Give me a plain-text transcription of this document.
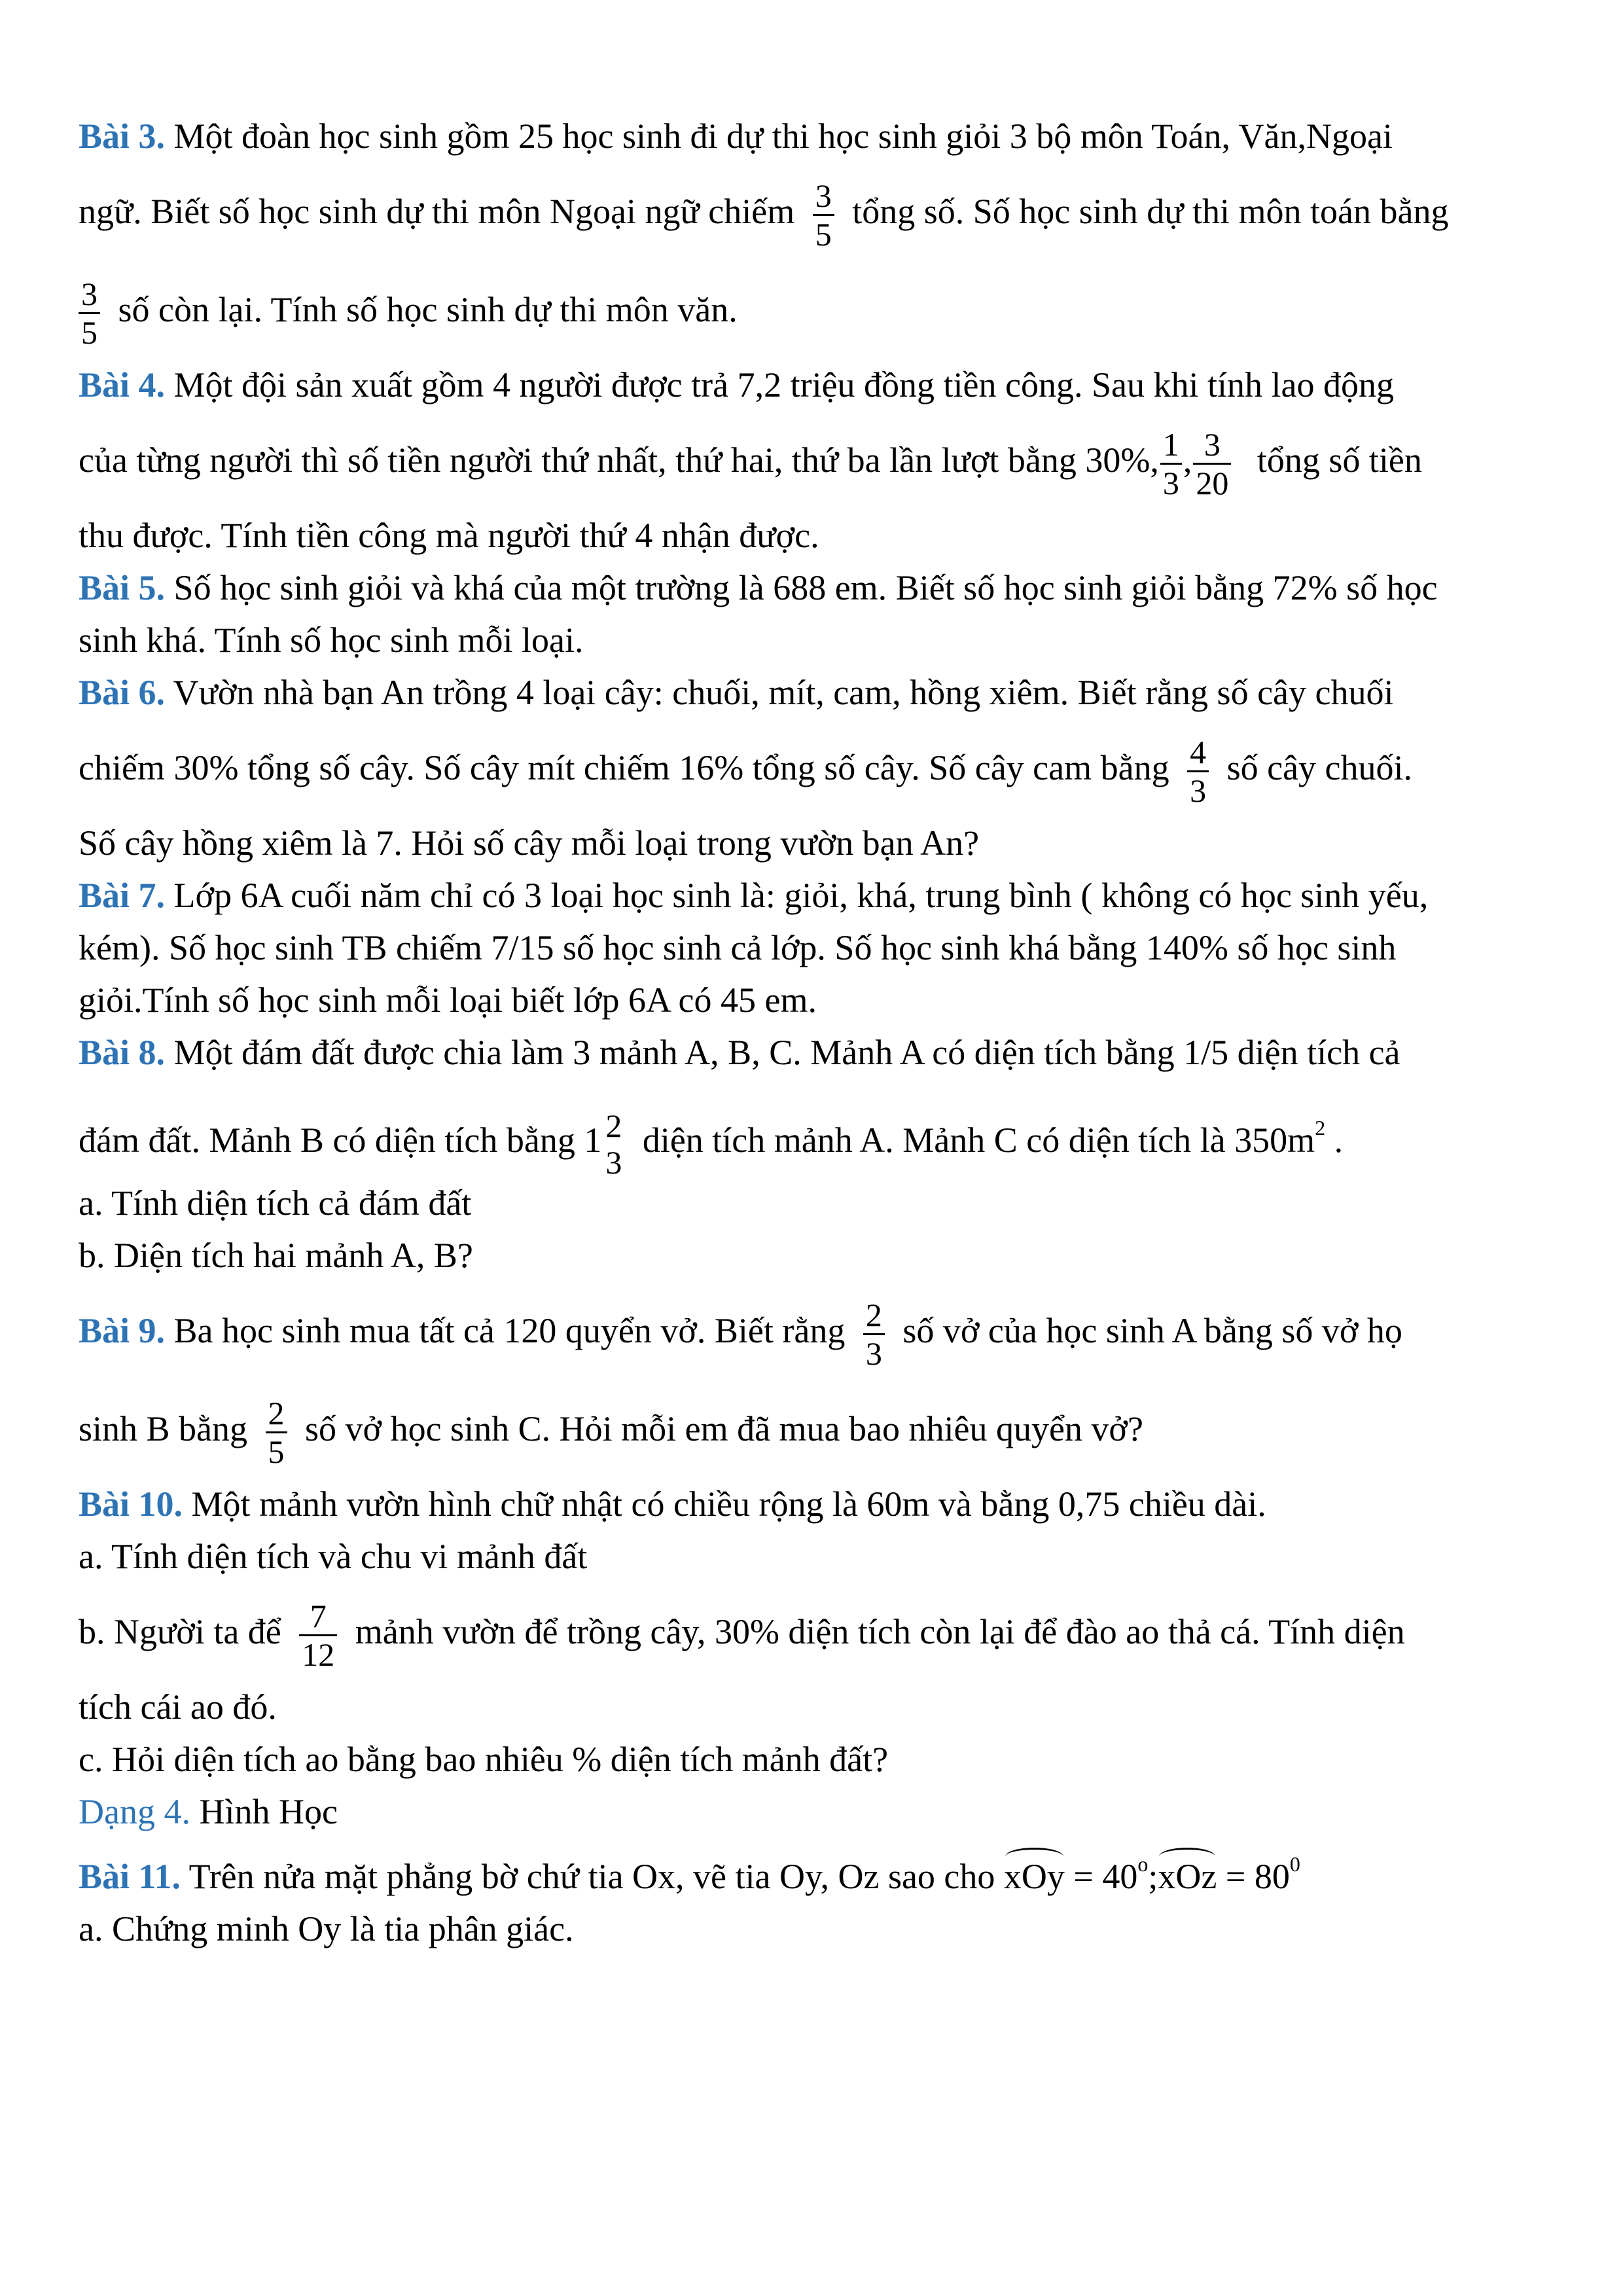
Bài 3. Một đoàn học sinh gồm 25 học sinh đi dự thi học sinh giỏi 3 bộ môn Toán, Văn,Ngoại
ngữ. Biết số học sinh dự thi môn Ngoại ngữ chiếm $\frac{3}{5}$ tổng số. Số học sinh dự thi môn toán bằng
$\frac{3}{5}$ số còn lại. Tính số học sinh dự thi môn văn.
Bài 4. Một đội sản xuất gồm 4 người được trả 7,2 triệu đồng tiền công. Sau khi tính lao động
của từng người thì số tiền người thứ nhất, thứ hai, thứ ba lần lượt bằng 30%, $\frac{1}{3}$ , $\frac{3}{20}$ tổng số tiền
thu được. Tính tiền công mà người thứ 4 nhận được.
Bài 5. Số học sinh giỏi và khá của một trường là 688 em. Biết số học sinh giỏi bằng 72% số học
sinh khá. Tính số học sinh mỗi loại.
Bài 6. Vườn nhà bạn An trồng 4 loại cây: chuối, mít, cam, hồng xiêm. Biết rằng số cây chuối
chiếm 30% tổng số cây. Số cây mít chiếm 16% tổng số cây. Số cây cam bằng $\frac{4}{3}$ số cây chuối.
Số cây hồng xiêm là 7. Hỏi số cây mỗi loại trong vườn bạn An?
Bài 7. Lớp 6A cuối năm chỉ có 3 loại học sinh là: giỏi, khá, trung bình ( không có học sinh yếu,
kém). Số học sinh TB chiếm 7/15 số học sinh cả lớp. Số học sinh khá bằng 140% số học sinh
giỏi.Tính số học sinh mỗi loại biết lớp 6A có 45 em.
Bài 8. Một đám đất được chia làm 3 mảnh A, B, C. Mảnh A có diện tích bằng 1/5 diện tích cả
đám đất. Mảnh B có diện tích bằng 1 2
3
diện tích mảnh A. Mảnh C có diện tích là $350m^2$ .
a. Tính diện tích cả đám đất
b. Diện tích hai mảnh A, B?
Bài 9. Ba học sinh mua tất cả 120 quyển vở. Biết rằng $\frac{2}{3}$ số vở của học sinh A bằng số vở họ
sinh B bằng $\frac{2}{5}$ số vở học sinh C. Hỏi mỗi em đã mua bao nhiêu quyển vở?
Bài 10. Một mảnh vườn hình chữ nhật có chiều rộng là 60m và bằng 0,75 chiều dài.
a. Tính diện tích và chu vi mảnh đất
b. Người ta để $\frac{7}{12}$ mảnh vườn để trồng cây, 30% diện tích còn lại để đào ao thả cá. Tính diện
tích cái ao đó.
c. Hỏi diện tích ao bằng bao nhiêu % diện tích mảnh đất?
Dạng 4. Hình Học
Bài 11. Trên nửa mặt phẳng bờ chứ tia Ox, vẽ tia Oy, Oz sao cho xOy = $40^o;xOz = 80^0$
a. Chứng minh Oy là tia phân giác.
